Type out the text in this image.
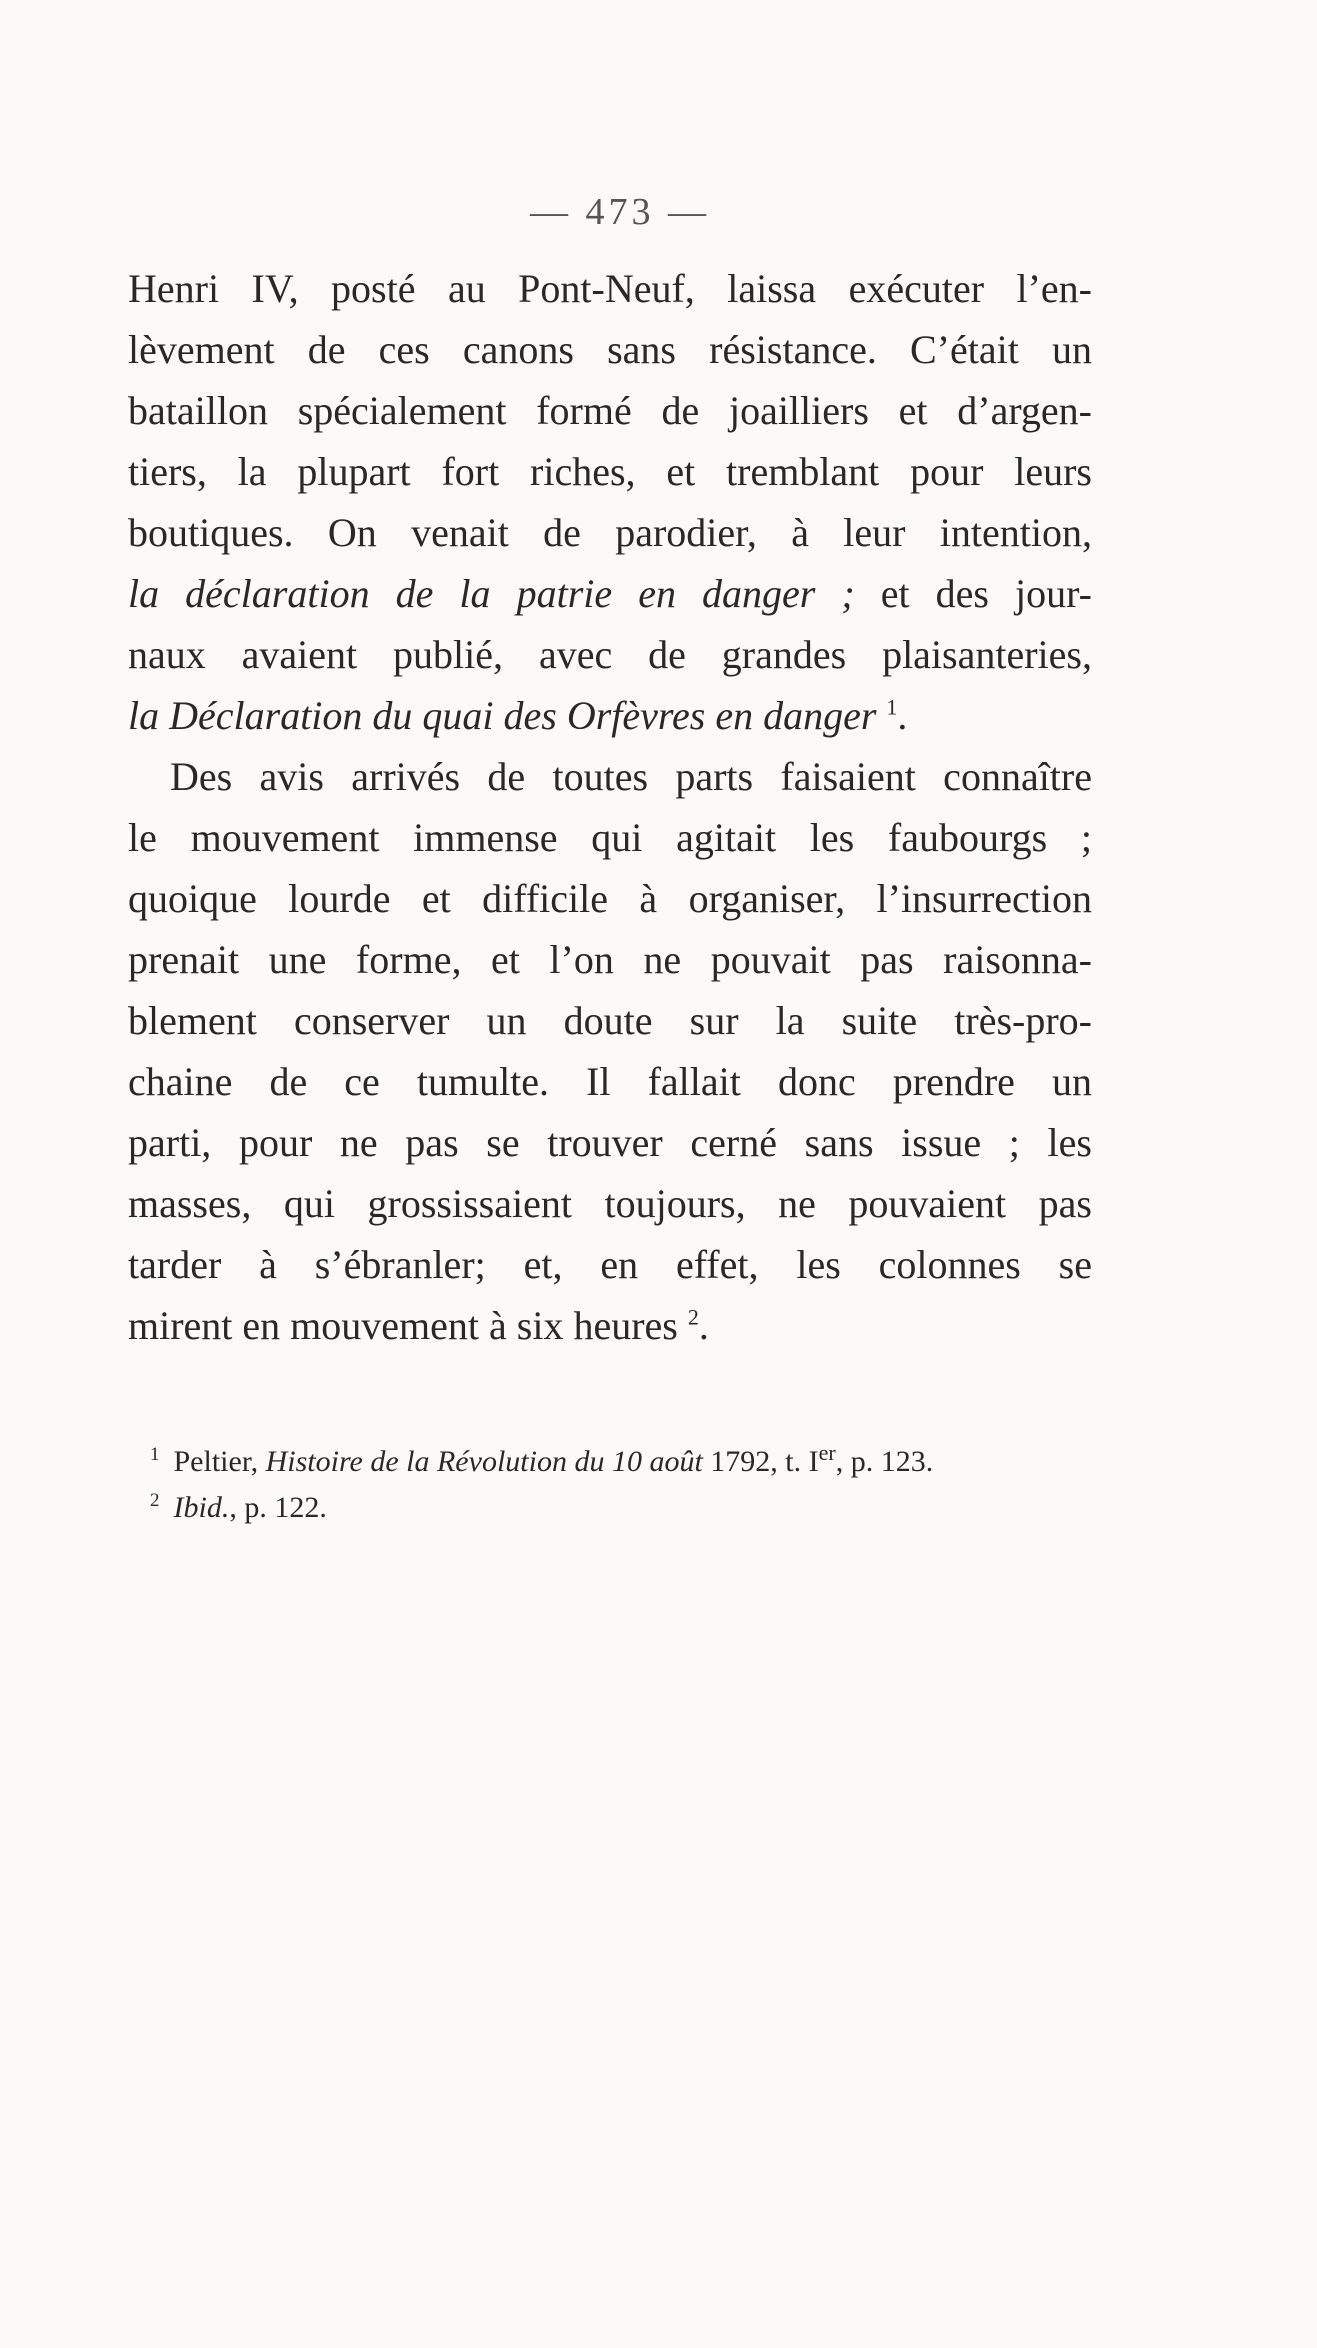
— 473 —
Henri IV, posté au Pont-Neuf, laissa exécuter l’en-
lèvement de ces canons sans résistance. C’était un
bataillon spécialement formé de joailliers et d’argen-
tiers, la plupart fort riches, et tremblant pour leurs
boutiques. On venait de parodier, à leur intention,
la déclaration de la patrie en danger ; et des jour-
naux avaient publié, avec de grandes plaisanteries,
la Déclaration du quai des Orfèvres en danger $^1$.
Des avis arrivés de toutes parts faisaient connaître
le mouvement immense qui agitait les faubourgs ;
quoique lourde et difficile à organiser, l’insurrection
prenait une forme, et l’on ne pouvait pas raisonna-
blement conserver un doute sur la suite très-pro-
chaine de ce tumulte. Il fallait donc prendre un
parti, pour ne pas se trouver cerné sans issue ; les
masses, qui grossissaient toujours, ne pouvaient pas
tarder à s’ébranler; et, en effet, les colonnes se
mirent en mouvement à six heures $^2$.
$^1$ Peltier, Histoire de la Révolution du 10 août 1792, t. Ier, p. 123.
$^2$ Ibid., p. 122.
